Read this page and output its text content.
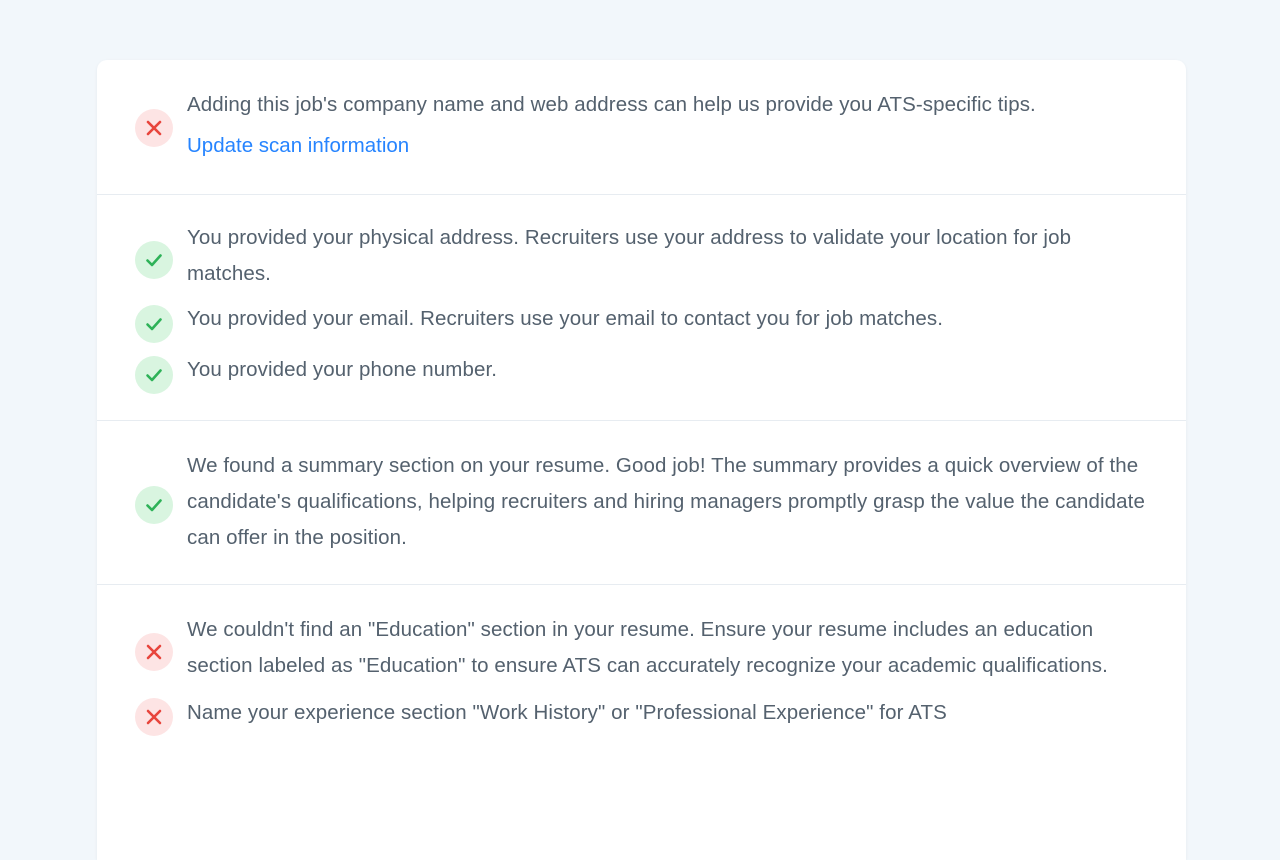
Adding this job's company name and web address can help us provide you ATS-specific tips.
Update scan information
You provided your physical address. Recruiters use your address to validate your location for job matches.
You provided your email. Recruiters use your email to contact you for job matches.
You provided your phone number.
We found a summary section on your resume. Good job! The summary provides a quick overview of the candidate's qualifications, helping recruiters and hiring managers promptly grasp the value the candidate can offer in the position.
We couldn't find an "Education" section in your resume. Ensure your resume includes an education section labeled as "Education" to ensure ATS can accurately recognize your academic qualifications.
Name your experience section "Work History" or "Professional Experience" for ATS
